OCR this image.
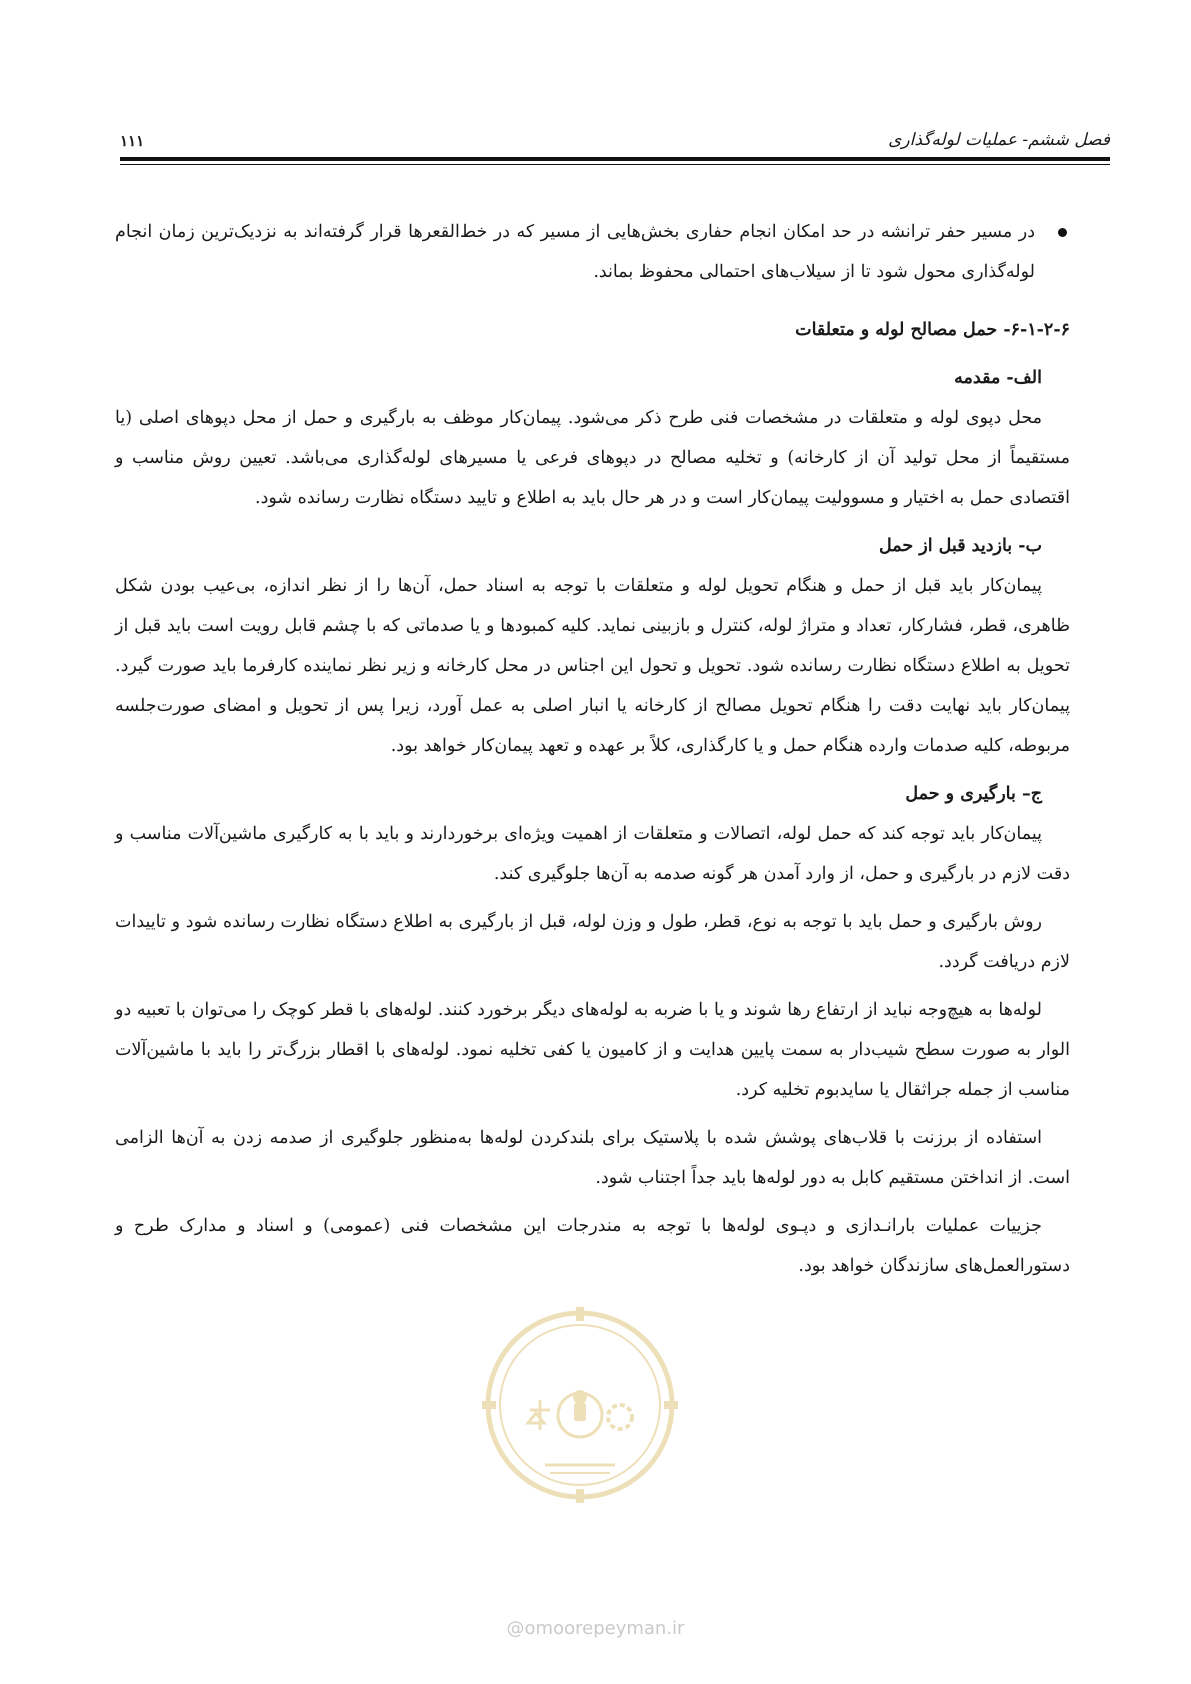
فصل ششم- عملیات لوله‌گذاری
۱۱۱
در مسیر حفر ترانشه در حد امکان انجام حفاری بخش‌هایی از مسیر که در خط‌القعرها قرار گرفته‌اند به نزدیک‌ترین زمان انجام لوله‌گذاری محول شود تا از سیلاب‌های احتمالی محفوظ بماند.

۶-۱-۲-۶- حمل مصالح لوله و متعلقات

الف- مقدمه

محل دپوی لوله و متعلقات در مشخصات فنی طرح ذکر می‌شود. پیمان‌کار موظف به بارگیری و حمل از محل دپوهای اصلی (یا مستقیماً از محل تولید آن از کارخانه) و تخلیه مصالح در دپوهای فرعی یا مسیرهای لوله‌گذاری می‌باشد. تعیین روش مناسب و اقتصادی حمل به اختیار و مسوولیت پیمان‌کار است و در هر حال باید به اطلاع و تایید دستگاه نظارت رسانده شود.

ب- بازدید قبل از حمل

پیمان‌کار باید قبل از حمل و هنگام تحویل لوله و متعلقات با توجه به اسناد حمل، آن‌ها را از نظر اندازه، بی‌عیب بودن شکل ظاهری، قطر، فشارکار، تعداد و متراژ لوله، کنترل و بازبینی نماید. کلیه کمبودها و یا صدماتی که با چشم قابل رویت است باید قبل از تحویل به اطلاع دستگاه نظارت رسانده شود. تحویل و تحول این اجناس در محل کارخانه و زیر نظر نماینده کارفرما باید صورت گیرد. پیمان‌کار باید نهایت دقت را هنگام تحویل مصالح از کارخانه یا انبار اصلی به عمل آورد، زیرا پس از تحویل و امضای صورت‌جلسه مربوطه، کلیه صدمات وارده هنگام حمل و یا کارگذاری، کلاً بر عهده و تعهد پیمان‌کار خواهد بود.

ج– بارگیری و حمل

پیمان‌کار باید توجه کند که حمل لوله، اتصالات و متعلقات از اهمیت ویژه‌ای برخوردارند و باید با به کارگیری ماشین‌آلات مناسب و دقت لازم در بارگیری و حمل، از وارد آمدن هر گونه صدمه به آن‌ها جلوگیری کند.

روش بارگیری و حمل باید با توجه به نوع، قطر، طول و وزن لوله، قبل از بارگیری به اطلاع دستگاه نظارت رسانده شود و تاییدات لازم دریافت گردد.

لوله‌ها به هیچ‌وجه نباید از ارتفاع رها شوند و یا با ضربه به لوله‌های دیگر برخورد کنند. لوله‌های با قطر کوچک را می‌توان با تعبیه دو الوار به صورت سطح شیب‌دار به سمت پایین هدایت و از کامیون یا کفی تخلیه نمود. لوله‌های با اقطار بزرگ‌تر را باید با ماشین‌آلات مناسب از جمله جراثقال یا سایدبوم تخلیه کرد.

استفاده از برزنت با قلاب‌های پوشش شده با پلاستیک برای بلندکردن لوله‌ها به‌منظور جلوگیری از صدمه زدن به آن‌ها الزامی است. از انداختن مستقیم کابل به دور لوله‌ها باید جداً اجتناب شود.

جزییات عملیات بارانـدازی و دپـوی لوله‌ها با توجه به مندرجات این مشخصات فنی (عمومی) و اسناد و مدارک طرح و دستورالعمل‌های سازندگان خواهد بود.

@omoorepeyman.ir
